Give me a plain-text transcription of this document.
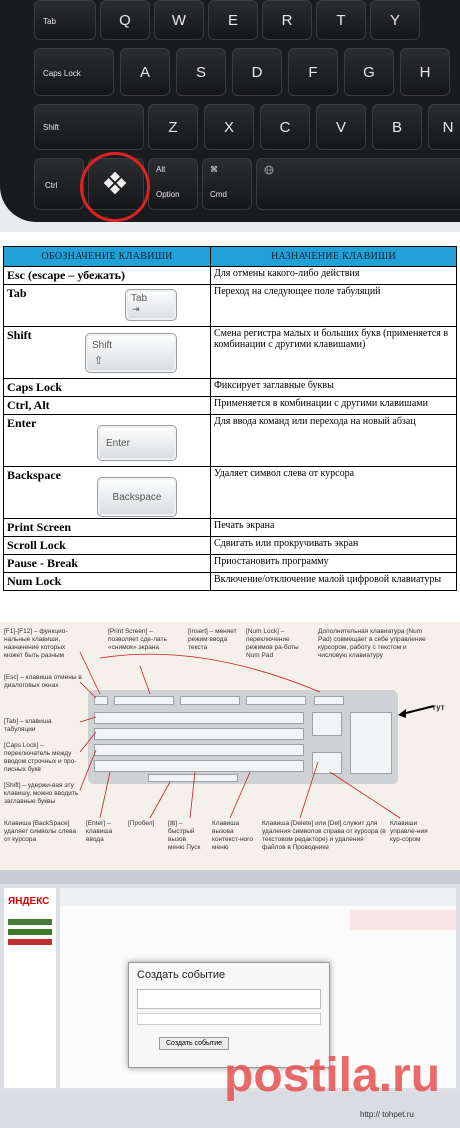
Tab	Q	W	E	R	T	Y
Caps Lock	A	S	D	F	G	H
Shift	Z	X	C	V	B	N
Ctrl
Alt
Option
⌘
Cmd
ОБОЗНАЧЕНИЕ КЛАВИШИ	НАЗНАЧЕНИЕ КЛАВИШИ
Esc (escape – убежать)	Для отмены какого-либо действия
Tab Tab
⇥	Переход на следующее поле табуляций
Shift
Shift
⇧	Смена регистра малых и больших букв (применяется в комбинации с другими клавишами)
Caps Lock	Фиксирует заглавные буквы
Ctrl, Alt	Применяется в комбинации с другими клавишами
Enter
Enter	Для ввода команд или перехода на новый абзац
Backspace
Backspace	Удаляет символ слева от курсора
Print Screen	Печать экрана
Scroll Lock	Сдвигать или прокручивать экран
Pause - Break	Приостановить программу
Num Lock	Включение/отключение малой цифровой клавиатуры
[F1]-[F12] – функцио-нальные клавиши, назначение которых может быть разным
[Print Screen] – позволяет сде-лать «снимок» экрана
[Insert] – меняет режим ввода текста
[Num Lock] – переключение режимов ра-боты Num Pad
Дополнительная клавиатура (Num Pad) совмещает в себе управление курсором, работу с текстом и числовую клавиатуру
тут
[Esc] – клавиша отмены в диалоговых окнах
[Tab] – клавиша табуляции
[Caps Lock] – переключатель между вводом строчных и про-писных букв
[Shift] – удержи-вая эту клавишу, можно вводить заглавные буквы
Клавиша [BackSpace] удаляет символы слева от курсора
[Enter] – клавиша ввода
[Пробел]	[⊞] – быстрый вызов меню Пуск
Клавиша вызова контекст-ного меню
Клавиша [Delete] или [Del] служит для удаления символов справа от курсора (в текстовом редакторе) и удаления файлов в Проводнике
Клавиши управле-ния кур-сором
ЯНДЕКС
Создать событие
Создать событие
postila.ru
http:// tohpet.ru
